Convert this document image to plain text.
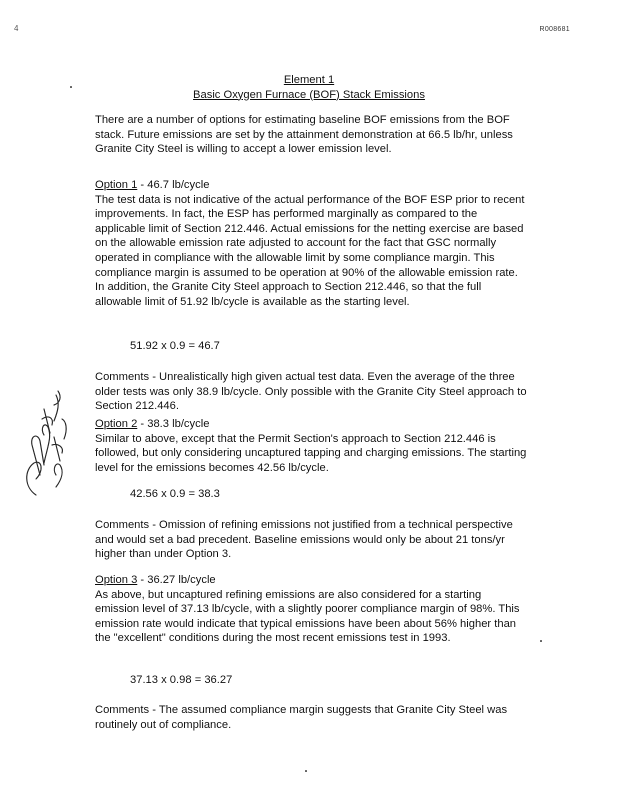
4	R008681
Element 1
Basic Oxygen Furnace (BOF) Stack Emissions

There are a number of options for estimating baseline BOF emissions from the BOF stack. Future emissions are set by the attainment demonstration at 66.5 lb/hr, unless Granite City Steel is willing to accept a lower emission level.

Option 1 - 46.7 lb/cycle
The test data is not indicative of the actual performance of the BOF ESP prior to recent improvements. In fact, the ESP has performed marginally as compared to the applicable limit of Section 212.446. Actual emissions for the netting exercise are based on the allowable emission rate adjusted to account for the fact that GSC normally operated in compliance with the allowable limit by some compliance margin. This compliance margin is assumed to be operation at 90% of the allowable emission rate. In addition, the Granite City Steel approach to Section 212.446, so that the full allowable limit of 51.92 lb/cycle is available as the starting level.

51.92 x 0.9 = 46.7

Comments - Unrealistically high given actual test data. Even the average of the three older tests was only 38.9 lb/cycle. Only possible with the Granite City Steel approach to Section 212.446.

Option 2 - 38.3 lb/cycle
Similar to above, except that the Permit Section's approach to Section 212.446 is followed, but only considering uncaptured tapping and charging emissions. The starting level for the emissions becomes 42.56 lb/cycle.

42.56 x 0.9 = 38.3

Comments - Omission of refining emissions not justified from a technical perspective and would set a bad precedent. Baseline emissions would only be about 21 tons/yr higher than under Option 3.

Option 3 - 36.27 lb/cycle
As above, but uncaptured refining emissions are also considered for a starting emission level of 37.13 lb/cycle, with a slightly poorer compliance margin of 98%. This emission rate would indicate that typical emissions have been about 56% higher than the "excellent" conditions during the most recent emissions test in 1993.

37.13 x 0.98 = 36.27

Comments - The assumed compliance margin suggests that Granite City Steel was routinely out of compliance.
